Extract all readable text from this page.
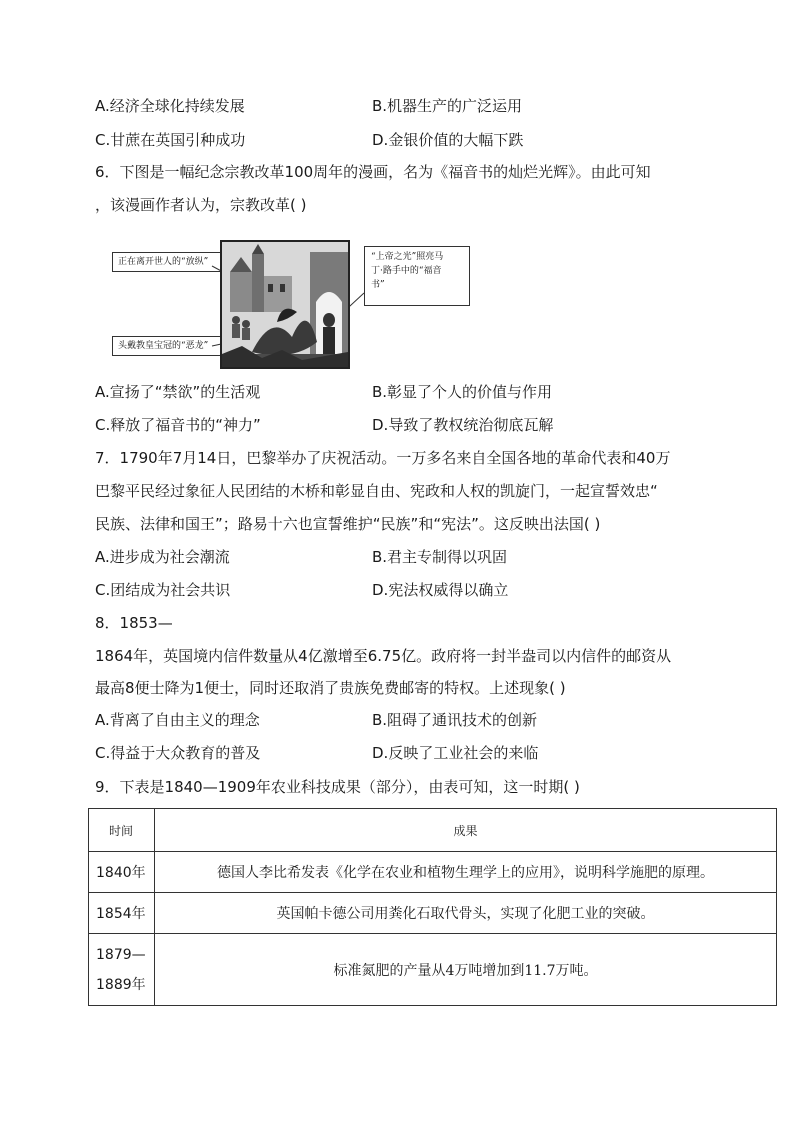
A.经济全球化持续发展	B.机器生产的广泛运用
C.甘蔗在英国引种成功	D.金银价值的大幅下跌
6．下图是一幅纪念宗教改革100周年的漫画，名为《福音书的灿烂光辉》。由此可知
，该漫画作者认为，宗教改革( )
正在离开世人的“放纵”
头戴教皇宝冠的“恶龙”
“上帝之光”照亮马
丁·路手中的“福音
书”
A.宣扬了“禁欲”的生活观	B.彰显了个人的价值与作用
C.释放了福音书的“神力”	D.导致了教权统治彻底瓦解
7．1790年7月14日，巴黎举办了庆祝活动。一万多名来自全国各地的革命代表和40万
巴黎平民经过象征人民团结的木桥和彰显自由、宪政和人权的凯旋门，一起宣誓效忠“
民族、法律和国王”；路易十六也宣誓维护“民族”和“宪法”。这反映出法国( )
A.进步成为社会潮流	B.君主专制得以巩固
C.团结成为社会共识	D.宪法权威得以确立
8．1853—
1864年，英国境内信件数量从4亿激增至6.75亿。政府将一封半盎司以内信件的邮资从
最高8便士降为1便士，同时还取消了贵族免费邮寄的特权。上述现象( )
A.背离了自由主义的理念	B.阻碍了通讯技术的创新
C.得益于大众教育的普及	D.反映了工业社会的来临
9．下表是1840—1909年农业科技成果（部分），由表可知，这一时期( )
时间	成果
1840年	德国人李比希发表《化学在农业和植物生理学上的应用》，说明科学施肥的原理。
1854年	英国帕卡德公司用粪化石取代骨头，实现了化肥工业的突破。

1879—
1889年	标准氮肥的产量从4万吨增加到11.7万吨。
